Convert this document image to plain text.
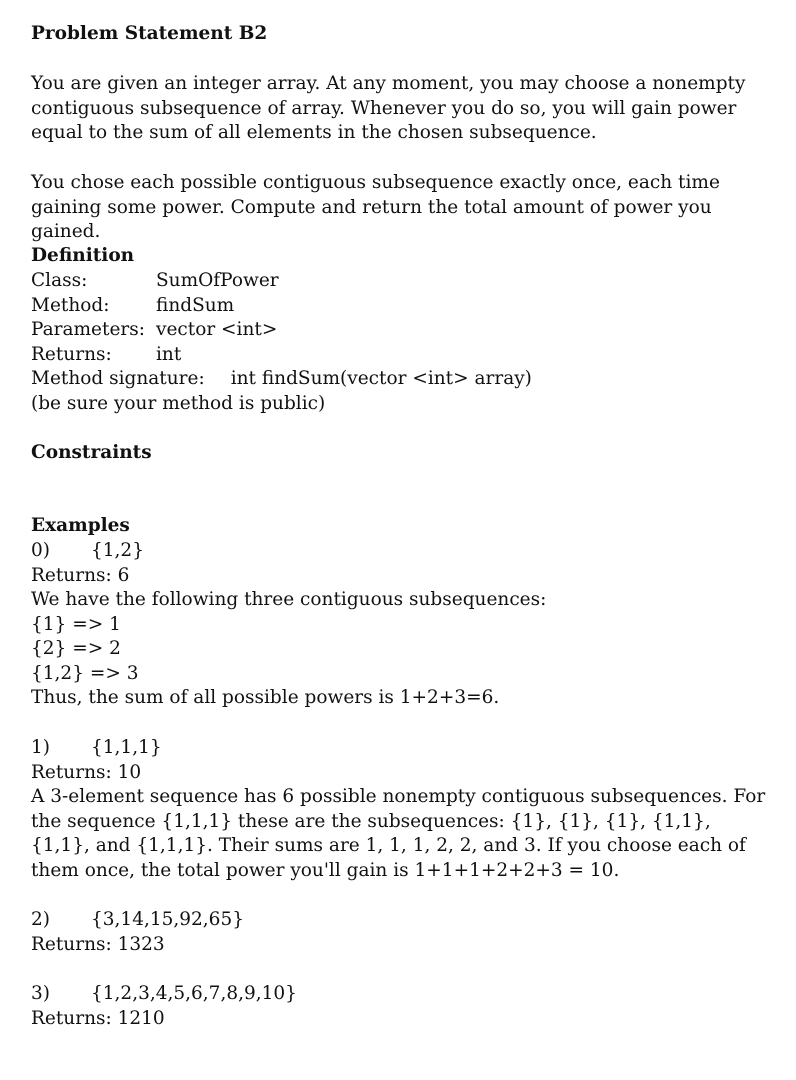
Problem Statement B2

You are given an integer array. At any moment, you may choose a nonempty contiguous subsequence of array. Whenever you do so, you will gain power equal to the sum of all elements in the chosen subsequence.

You chose each possible contiguous subsequence exactly once, each time gaining some power. Compute and return the total amount of power you gained.

Definition
Class:	SumOfPower
Method:	findSum
Parameters: vector <int>
Returns: int
Method signature: int findSum(vector <int> array)
(be sure your method is public)
Constraints
Examples
0) {1,2}
Returns: 6
We have the following three contiguous subsequences:
{1} => 1
{2} => 2
{1,2} => 3
Thus, the sum of all possible powers is 1+2+3=6.
1) {1,1,1}
Returns: 10

A 3-element sequence has 6 possible nonempty contiguous subsequences. For the sequence {1,1,1} these are the subsequences: {1}, {1}, {1}, {1,1}, {1,1}, and {1,1,1}. Their sums are 1, 1, 1, 2, 2, and 3. If you choose each of them once, the total power you'll gain is 1+1+1+2+2+3 = 10.

2) {3,14,15,92,65}
Returns: 1323
3) {1,2,3,4,5,6,7,8,9,10}
Returns: 1210
